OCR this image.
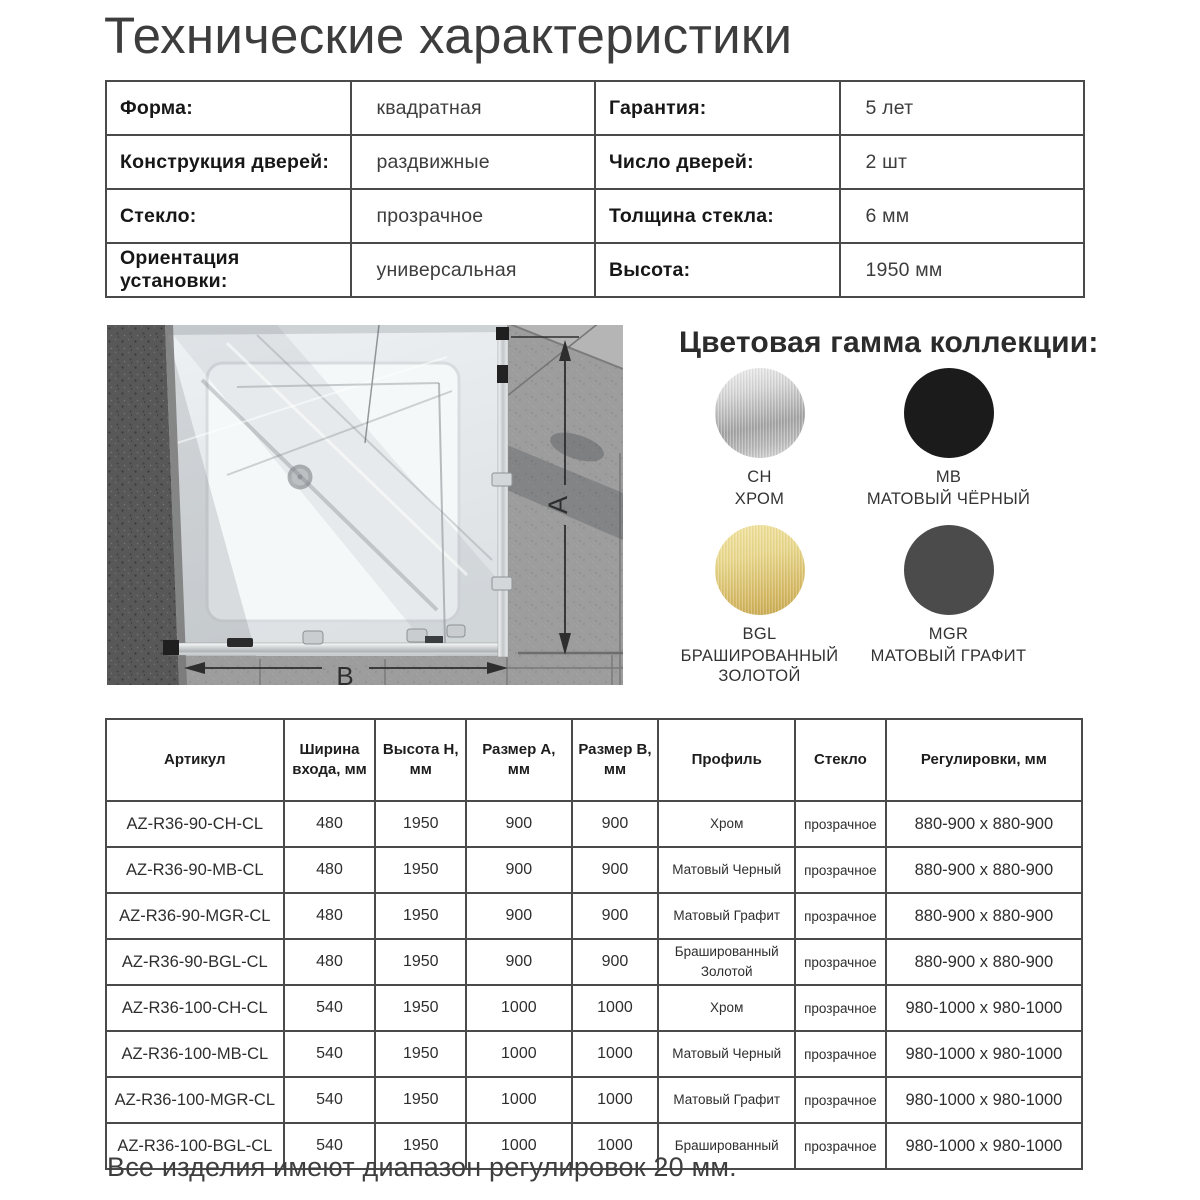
Технические характеристики
Форма:	квадратная	Гарантия:	5 лет
Конструкция дверей:	раздвижные	Число дверей:	2 шт
Стекло:	прозрачное	Толщина стекла:	6 мм
Ориентация установки:	универсальная	Высота:	1950 мм
A
B
Цветовая гамма коллекции:
CH
ХРОМ
MB
МАТОВЫЙ ЧЁРНЫЙ
BGL
БРАШИРОВАННЫЙ ЗОЛОТОЙ
MGR
МАТОВЫЙ ГРАФИТ
Артикул	Ширина входа, мм	Высота H, мм	Размер A, мм	Размер B, мм	Профиль	Стекло	Регулировки, мм
AZ-R36-90-CH-CL	480	1950	900	900	Хром	прозрачное	880-900 x 880-900
AZ-R36-90-MB-CL	480	1950	900	900	Матовый Черный	прозрачное	880-900 x 880-900
AZ-R36-90-MGR-CL	480	1950	900	900	Матовый Графит	прозрачное	880-900 x 880-900
AZ-R36-90-BGL-CL	480	1950	900	900	Брашированный Золотой	прозрачное	880-900 x 880-900
AZ-R36-100-CH-CL	540	1950	1000	1000	Хром	прозрачное	980-1000 x 980-1000
AZ-R36-100-MB-CL	540	1950	1000	1000	Матовый Черный	прозрачное	980-1000 x 980-1000
AZ-R36-100-MGR-CL	540	1950	1000	1000	Матовый Графит	прозрачное	980-1000 x 980-1000
AZ-R36-100-BGL-CL	540	1950	1000	1000	Брашированный	прозрачное	980-1000 x 980-1000

Все изделия имеют диапазон регулировок 20 мм.
